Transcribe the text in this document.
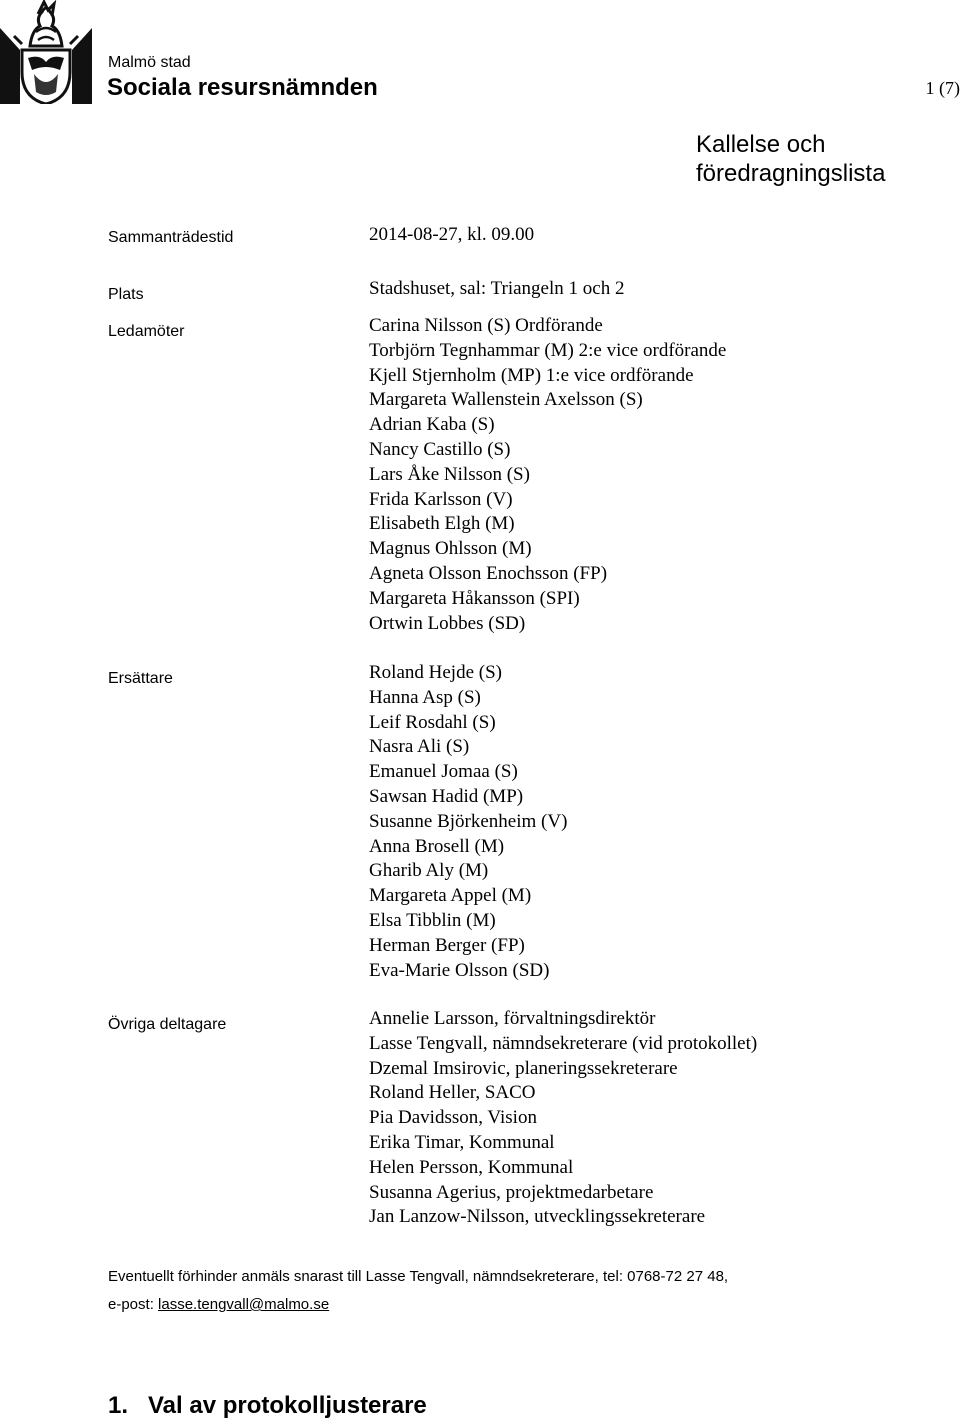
Malmö stad
Sociala resursnämnden	1 (7)
Kallelse och
föredragningslista
Sammanträdestid	2014-08-27, kl. 09.00
Plats	Stadshuset, sal: Triangeln 1 och 2
Ledamöter	Carina Nilsson (S) Ordförande
Torbjörn Tegnhammar (M) 2:e vice ordförande
Kjell Stjernholm (MP) 1:e vice ordförande
Margareta Wallenstein Axelsson (S)
Adrian Kaba (S)
Nancy Castillo (S)
Lars Åke Nilsson (S)
Frida Karlsson (V)
Elisabeth Elgh (M)
Magnus Ohlsson (M)
Agneta Olsson Enochsson (FP)
Margareta Håkansson (SPI)
Ortwin Lobbes (SD)
Ersättare	Roland Hejde (S)
Hanna Asp (S)
Leif Rosdahl (S)
Nasra Ali (S)
Emanuel Jomaa (S)
Sawsan Hadid (MP)
Susanne Björkenheim (V)
Anna Brosell (M)
Gharib Aly (M)
Margareta Appel (M)
Elsa Tibblin (M)
Herman Berger (FP)
Eva-Marie Olsson (SD)
Övriga deltagare	Annelie Larsson, förvaltningsdirektör
Lasse Tengvall, nämndsekreterare (vid protokollet)
Dzemal Imsirovic, planeringssekreterare
Roland Heller, SACO
Pia Davidsson, Vision
Erika Timar, Kommunal
Helen Persson, Kommunal
Susanna Agerius, projektmedarbetare
Jan Lanzow-Nilsson, utvecklingssekreterare
Eventuellt förhinder anmäls snarast till Lasse Tengvall, nämndsekreterare, tel: 0768-72 27 48,
e-post: lasse.tengvall@malmo.se
1. Val av protokolljusterare
